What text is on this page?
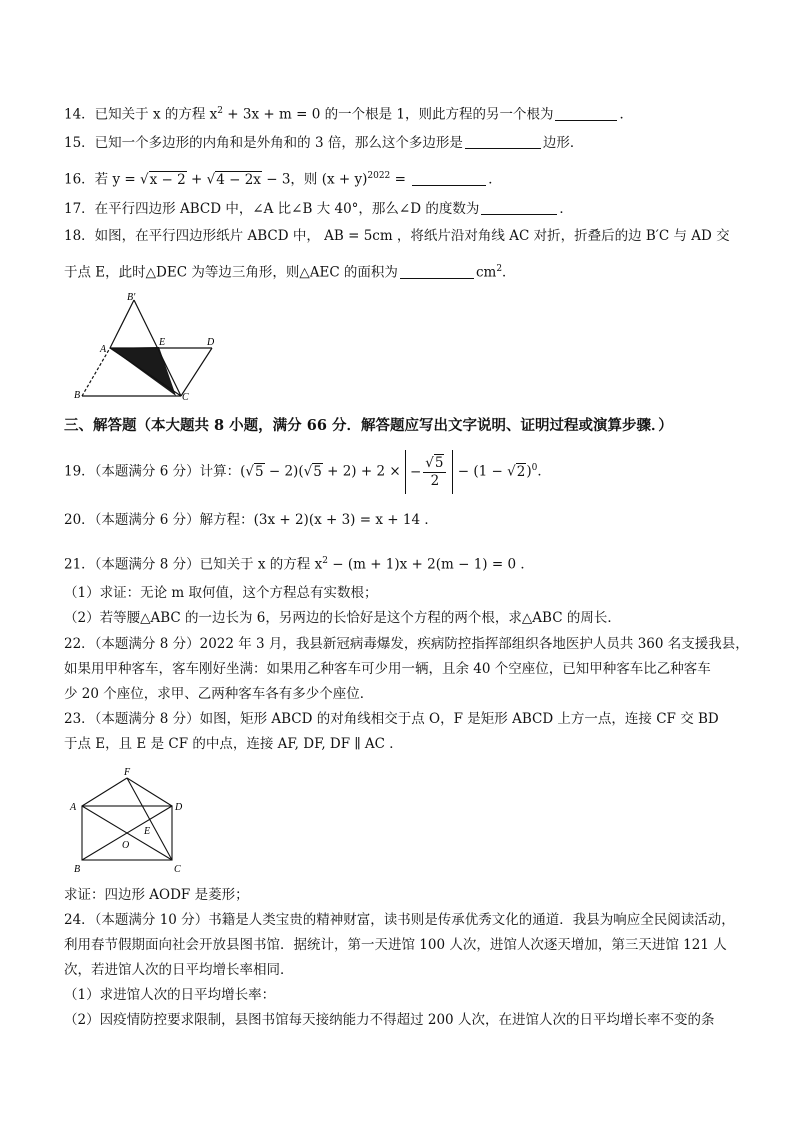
14．已知关于 x 的方程 $x^2 + 3x + m = 0$ 的一个根是 1，则此方程的另一个根为	．
15．已知一个多边形的内角和是外角和的 3 倍，那么这个多边形是	边形．
16．若 y = √x − 2 + √4 − 2x − 3，则 $(x + y)^{2022}$ =	．
17．在平行四边形 ABCD 中，∠A 比∠B 大 40°，那么∠D 的度数为	．
18．如图，在平行四边形纸片 ABCD 中， AB = 5cm ，将纸片沿对角线 AC 对折，折叠后的边 B′C 与 AD 交
于点 E，此时△DEC 为等边三角形，则△AEC 的面积为	$cm^2$．
B'
A
E	D
B	C
三、解答题（本大题共 8 小题，满分 66 分．解答题应写出文字说明、证明过程或演算步骤．）
19．（本题满分 6 分）计算：(√5 − 2)(√5 + 2) + 2 × − $\frac{√5}{2} - (1 - √2)^0$．
20．（本题满分 6 分）解方程：(3x + 2)(x + 3) = x + 14 ．
21．（本题满分 8 分）已知关于 x 的方程 $x^2 - (m + 1)x + 2(m - 1) = 0$ ．
（1）求证：无论 m 取何值，这个方程总有实数根；
（2）若等腰△ABC 的一边长为 6，另两边的长恰好是这个方程的两个根，求△ABC 的周长．
22．（本题满分 8 分）2022 年 3 月，我县新冠病毒爆发，疾病防控指挥部组织各地医护人员共 360 名支援我县，
如果用甲种客车，客车刚好坐满：如果用乙种客车可少用一辆，且余 40 个空座位，已知甲种客车比乙种客车
少 20 个座位，求甲、乙两种客车各有多少个座位．
23．（本题满分 8 分）如图，矩形 ABCD 的对角线相交于点 O，F 是矩形 ABCD 上方一点，连接 CF 交 BD
于点 E，且 E 是 CF 的中点，连接 AF, DF, DF ∥ AC ．
F
A	D
E
O
B	C
求证：四边形 AODF 是菱形；
24．（本题满分 10 分）书籍是人类宝贵的精神财富，读书则是传承优秀文化的通道．我县为响应全民阅读活动，
利用春节假期面向社会开放县图书馆．据统计，第一天进馆 100 人次，进馆人次逐天增加，第三天进馆 121 人
次，若进馆人次的日平均增长率相同．
（1）求进馆人次的日平均增长率：
（2）因疫情防控要求限制，县图书馆每天接纳能力不得超过 200 人次，在进馆人次的日平均增长率不变的条
